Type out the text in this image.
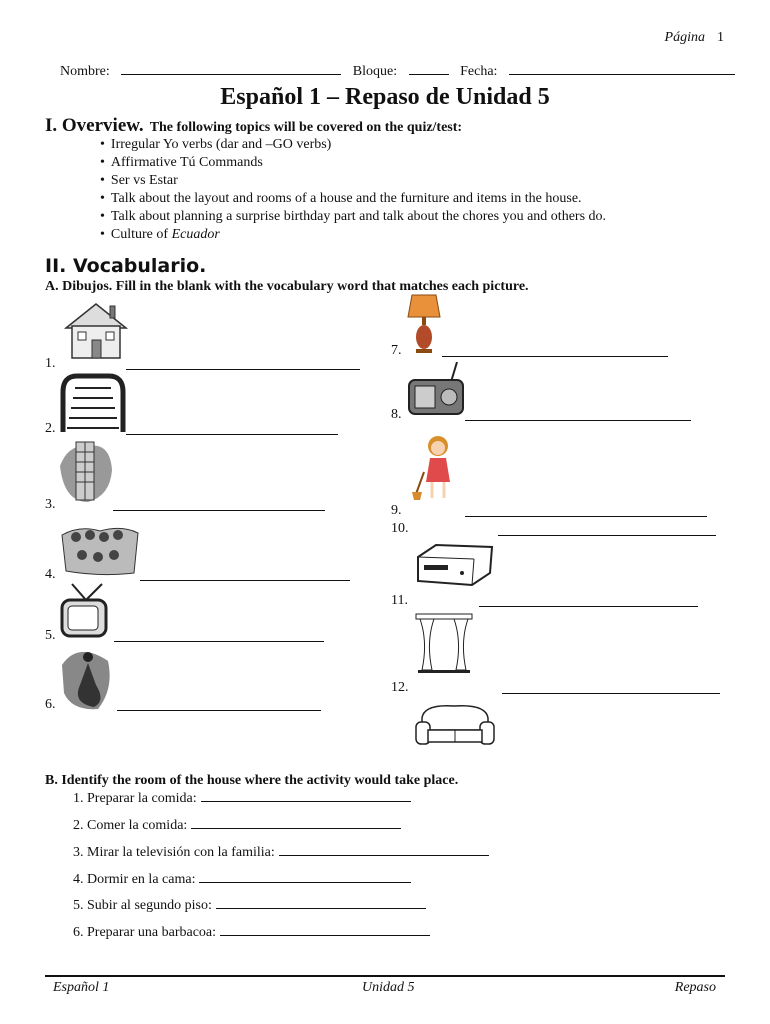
Página 1
Nombre:	Bloque:	Fecha:
Español 1 – Repaso de Unidad 5
I. Overview. The following topics will be covered on the quiz/test:
• Irregular Yo verbs (dar and –GO verbs)
• Affirmative Tú Commands
• Ser vs Estar
• Talk about the layout and rooms of a house and the furniture and items in the house.
• Talk about planning a surprise birthday part and talk about the chores you and others do.
• Culture of Ecuador
II. Vocabulario.
A. Dibujos. Fill in the blank with the vocabulary word that matches each picture.
1.
2.
3.
4.
5.
6.
7.
8.
9.
10.
11.
12.
B. Identify the room of the house where the activity would take place.
1. Preparar la comida:
2. Comer la comida:
3. Mirar la televisión con la familia:
4. Dormir en la cama:
5. Subir al segundo piso:
6. Preparar una barbacoa:
Español 1	Unidad 5	Repaso
